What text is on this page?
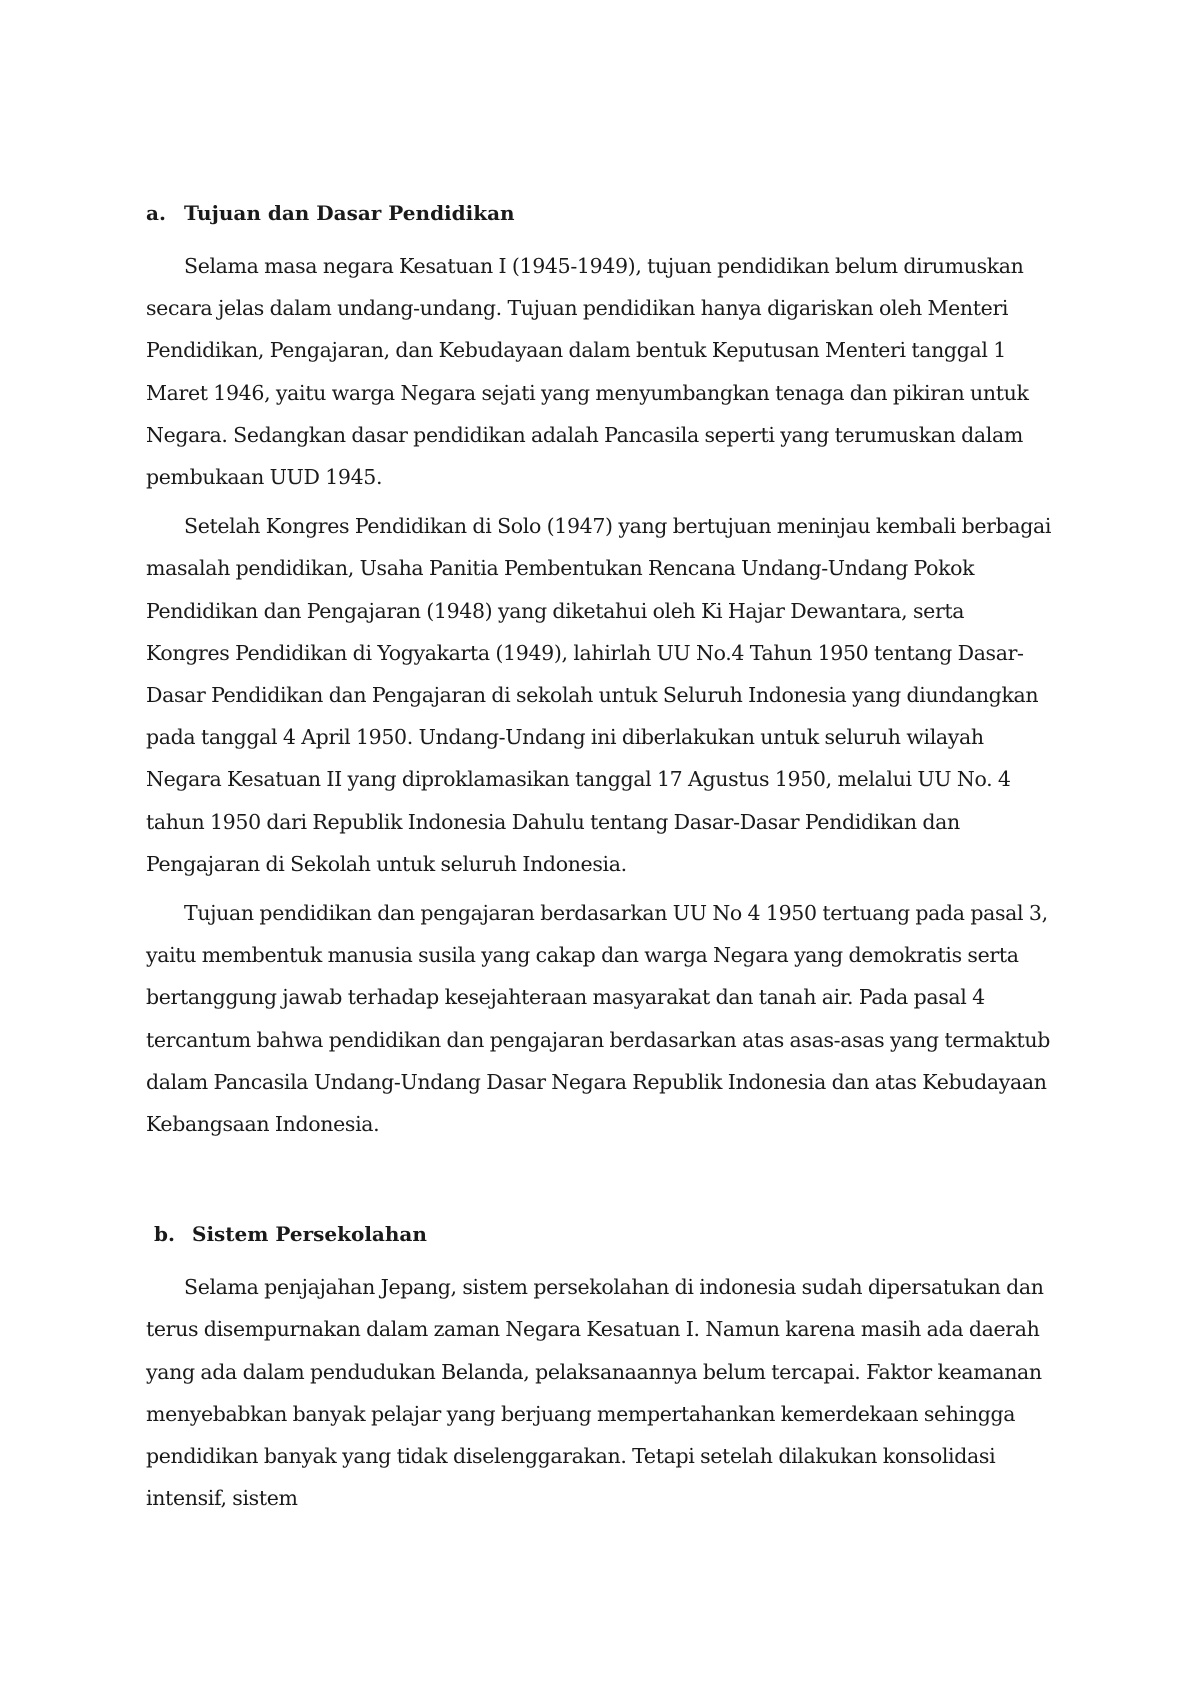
a. Tujuan dan Dasar Pendidikan

Selama masa negara Kesatuan I (1945-1949), tujuan pendidikan belum dirumuskan secara jelas dalam undang-undang. Tujuan pendidikan hanya digariskan oleh Menteri Pendidikan, Pengajaran, dan Kebudayaan dalam bentuk Keputusan Menteri tanggal 1 Maret 1946, yaitu warga Negara sejati yang menyumbangkan tenaga dan pikiran untuk Negara. Sedangkan dasar pendidikan adalah Pancasila seperti yang terumuskan dalam pembukaan UUD 1945.

Setelah Kongres Pendidikan di Solo (1947) yang bertujuan meninjau kembali berbagai masalah pendidikan, Usaha Panitia Pembentukan Rencana Undang-Undang Pokok Pendidikan dan Pengajaran (1948) yang diketahui oleh Ki Hajar Dewantara, serta Kongres Pendidikan di Yogyakarta (1949), lahirlah UU No.4 Tahun 1950 tentang Dasar-Dasar Pendidikan dan Pengajaran di sekolah untuk Seluruh Indonesia yang diundangkan pada tanggal 4 April 1950. Undang-Undang ini diberlakukan untuk seluruh wilayah Negara Kesatuan II yang diproklamasikan tanggal 17 Agustus 1950, melalui UU No. 4 tahun 1950 dari Republik Indonesia Dahulu tentang Dasar-Dasar Pendidikan dan Pengajaran di Sekolah untuk seluruh Indonesia.

Tujuan pendidikan dan pengajaran berdasarkan UU No 4 1950 tertuang pada pasal 3, yaitu membentuk manusia susila yang cakap dan warga Negara yang demokratis serta bertanggung jawab terhadap kesejahteraan masyarakat dan tanah air. Pada pasal 4 tercantum bahwa pendidikan dan pengajaran berdasarkan atas asas-asas yang termaktub dalam Pancasila Undang-Undang Dasar Negara Republik Indonesia dan atas Kebudayaan Kebangsaan Indonesia.

b. Sistem Persekolahan

Selama penjajahan Jepang, sistem persekolahan di indonesia sudah dipersatukan dan terus disempurnakan dalam zaman Negara Kesatuan I. Namun karena masih ada daerah yang ada dalam pendudukan Belanda, pelaksanaannya belum tercapai. Faktor keamanan menyebabkan banyak pelajar yang berjuang mempertahankan kemerdekaan sehingga pendidikan banyak yang tidak diselenggarakan. Tetapi setelah dilakukan konsolidasi intensif, sistem
